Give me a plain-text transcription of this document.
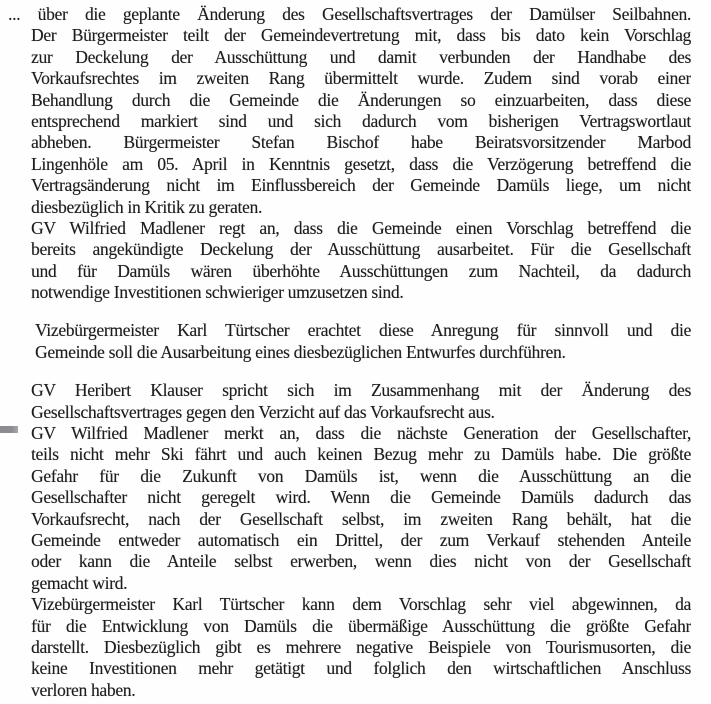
... über die geplante Änderung des Gesellschaftsvertrages der Damülser Seilbahnen.
Der Bürgermeister teilt der Gemeindevertretung mit, dass bis dato kein Vorschlag
zur Deckelung der Ausschüttung und damit verbunden der Handhabe des
Vorkaufsrechtes im zweiten Rang übermittelt wurde. Zudem sind vorab einer
Behandlung durch die Gemeinde die Änderungen so einzuarbeiten, dass diese
entsprechend markiert sind und sich dadurch vom bisherigen Vertragswortlaut
abheben. Bürgermeister Stefan Bischof habe Beiratsvorsitzender Marbod
Lingenhöle am 05. April in Kenntnis gesetzt, dass die Verzögerung betreffend die
Vertragsänderung nicht im Einflussbereich der Gemeinde Damüls liege, um nicht
diesbezüglich in Kritik zu geraten.

GV Wilfried Madlener regt an, dass die Gemeinde einen Vorschlag betreffend die
bereits angekündigte Deckelung der Ausschüttung ausarbeitet. Für die Gesellschaft
und für Damüls wären überhöhte Ausschüttungen zum Nachteil, da dadurch
notwendige Investitionen schwieriger umzusetzen sind.

Vizebürgermeister Karl Türtscher erachtet diese Anregung für sinnvoll und die
Gemeinde soll die Ausarbeitung eines diesbezüglichen Entwurfes durchführen.

GV Heribert Klauser spricht sich im Zusammenhang mit der Änderung des
Gesellschaftsvertrages gegen den Verzicht auf das Vorkaufsrecht aus.

GV Wilfried Madlener merkt an, dass die nächste Generation der Gesellschafter,
teils nicht mehr Ski fährt und auch keinen Bezug mehr zu Damüls habe. Die größte
Gefahr für die Zukunft von Damüls ist, wenn die Ausschüttung an die
Gesellschafter nicht geregelt wird. Wenn die Gemeinde Damüls dadurch das
Vorkaufsrecht, nach der Gesellschaft selbst, im zweiten Rang behält, hat die
Gemeinde entweder automatisch ein Drittel, der zum Verkauf stehenden Anteile
oder kann die Anteile selbst erwerben, wenn dies nicht von der Gesellschaft
gemacht wird.

Vizebürgermeister Karl Türtscher kann dem Vorschlag sehr viel abgewinnen, da
für die Entwicklung von Damüls die übermäßige Ausschüttung die größte Gefahr
darstellt. Diesbezüglich gibt es mehrere negative Beispiele von Tourismusorten, die
keine Investitionen mehr getätigt und folglich den wirtschaftlichen Anschluss
verloren haben.
